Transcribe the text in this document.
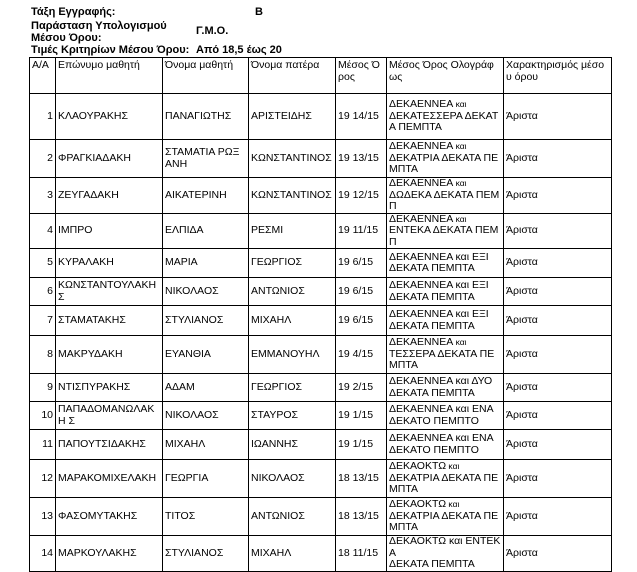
Τάξη Εγγραφής:	Β
Παράσταση Υπολογισμού Μέσου Όρου:
Γ.Μ.Ο.
Τιμές Κριτηρίων Μέσου Όρου: Από 18,5 έως 20
Α/Α	Επώνυμο μαθητή	Όνομα μαθητή	Όνομα πατέρα	Μέσος Όρος	Μέσος Όρος Ολογράφως	Χαρακτηρισμός μέσου όρου
1	ΚΛΑΟΥΡΑΚΗΣ	ΠΑΝΑΓΙΩΤΗΣ	ΑΡΙΣΤΕΙΔΗΣ	19 14/15	ΔΕΚΑΕΝΝΕΑ και
ΔΕΚΑΤΕΣΣΕΡΑ ΔΕΚΑΤΑ ΠΕΜΠΤΑ	Άριστα
2	ΦΡΑΓΚΙΑΔΑΚΗ	ΣΤΑΜΑΤΙΑ ΡΩΞΑΝΗ	ΚΩΝΣΤΑΝΤΙΝΟΣ	19 13/15	ΔΕΚΑΕΝΝΕΑ και
ΔΕΚΑΤΡΙΑ ΔΕΚΑΤΑ ΠΕΜΠΤΑ	Άριστα
3	ΖΕΥΓΑΔΑΚΗ	ΑΙΚΑΤΕΡΙΝΗ	ΚΩΝΣΤΑΝΤΙΝΟΣ	19 12/15	ΔΕΚΑΕΝΝΕΑ και
ΔΩΔΕΚΑ ΔΕΚΑΤΑ ΠΕΜΠ	Άριστα
4	ΙΜΠΡΟ	ΕΛΠΙΔΑ	ΡΕΣΜΙ	19 11/15	ΔΕΚΑΕΝΝΕΑ και
ΕΝΤΕΚΑ ΔΕΚΑΤΑ ΠΕΜΠ	Άριστα
5	ΚΥΡΑΛΑΚΗ	ΜΑΡΙΑ	ΓΕΩΡΓΙΟΣ	19 6/15	ΔΕΚΑΕΝΝΕΑ και ΕΞΙ
ΔΕΚΑΤΑ ΠΕΜΠΤΑ	Άριστα
6	ΚΩΝΣΤΑΝΤΟΥΛΑΚΗΣ	ΝΙΚΟΛΑΟΣ	ΑΝΤΩΝΙΟΣ	19 6/15	ΔΕΚΑΕΝΝΕΑ και ΕΞΙ
ΔΕΚΑΤΑ ΠΕΜΠΤΑ	Άριστα
7	ΣΤΑΜΑΤΑΚΗΣ	ΣΤΥΛΙΑΝΟΣ	ΜΙΧΑΗΛ	19 6/15	ΔΕΚΑΕΝΝΕΑ και ΕΞΙ
ΔΕΚΑΤΑ ΠΕΜΠΤΑ	Άριστα
8	ΜΑΚΡΥΔΑΚΗ	ΕΥΑΝΘΙΑ	ΕΜΜΑΝΟΥΗΛ	19 4/15	ΔΕΚΑΕΝΝΕΑ και
ΤΕΣΣΕΡΑ ΔΕΚΑΤΑ ΠΕΜΠΤΑ	Άριστα
9	ΝΤΙΣΠΥΡΑΚΗΣ	ΑΔΑΜ	ΓΕΩΡΓΙΟΣ	19 2/15	ΔΕΚΑΕΝΝΕΑ και ΔΥΟ
ΔΕΚΑΤΑ ΠΕΜΠΤΑ	Άριστα
10	ΠΑΠΑΔΟΜΑΝΩΛΑΚΗ Σ	ΝΙΚΟΛΑΟΣ	ΣΤΑΥΡΟΣ	19 1/15	ΔΕΚΑΕΝΝΕΑ και ΕΝΑ
ΔΕΚΑΤΟ ΠΕΜΠΤΟ	Άριστα
11	ΠΑΠΟΥΤΣΙΔΑΚΗΣ	ΜΙΧΑΗΛ	ΙΩΑΝΝΗΣ	19 1/15	ΔΕΚΑΕΝΝΕΑ και ΕΝΑ
ΔΕΚΑΤΟ ΠΕΜΠΤΟ	Άριστα
12	ΜΑΡΑΚΟΜΙΧΕΛΑΚΗ	ΓΕΩΡΓΙΑ	ΝΙΚΟΛΑΟΣ	18 13/15	ΔΕΚΑΟΚΤΩ και
ΔΕΚΑΤΡΙΑ ΔΕΚΑΤΑ ΠΕΜΠΤΑ	Άριστα
13	ΦΑΣΟΜΥΤΑΚΗΣ	ΤΙΤΟΣ	ΑΝΤΩΝΙΟΣ	18 13/15	ΔΕΚΑΟΚΤΩ και
ΔΕΚΑΤΡΙΑ ΔΕΚΑΤΑ ΠΕΜΠΤΑ	Άριστα
14	ΜΑΡΚΟΥΛΑΚΗΣ	ΣΤΥΛΙΑΝΟΣ	ΜΙΧΑΗΛ	18 11/15	ΔΕΚΑΟΚΤΩ και ΕΝΤΕΚΑ
ΔΕΚΑΤΑ ΠΕΜΠΤΑ	Άριστα
